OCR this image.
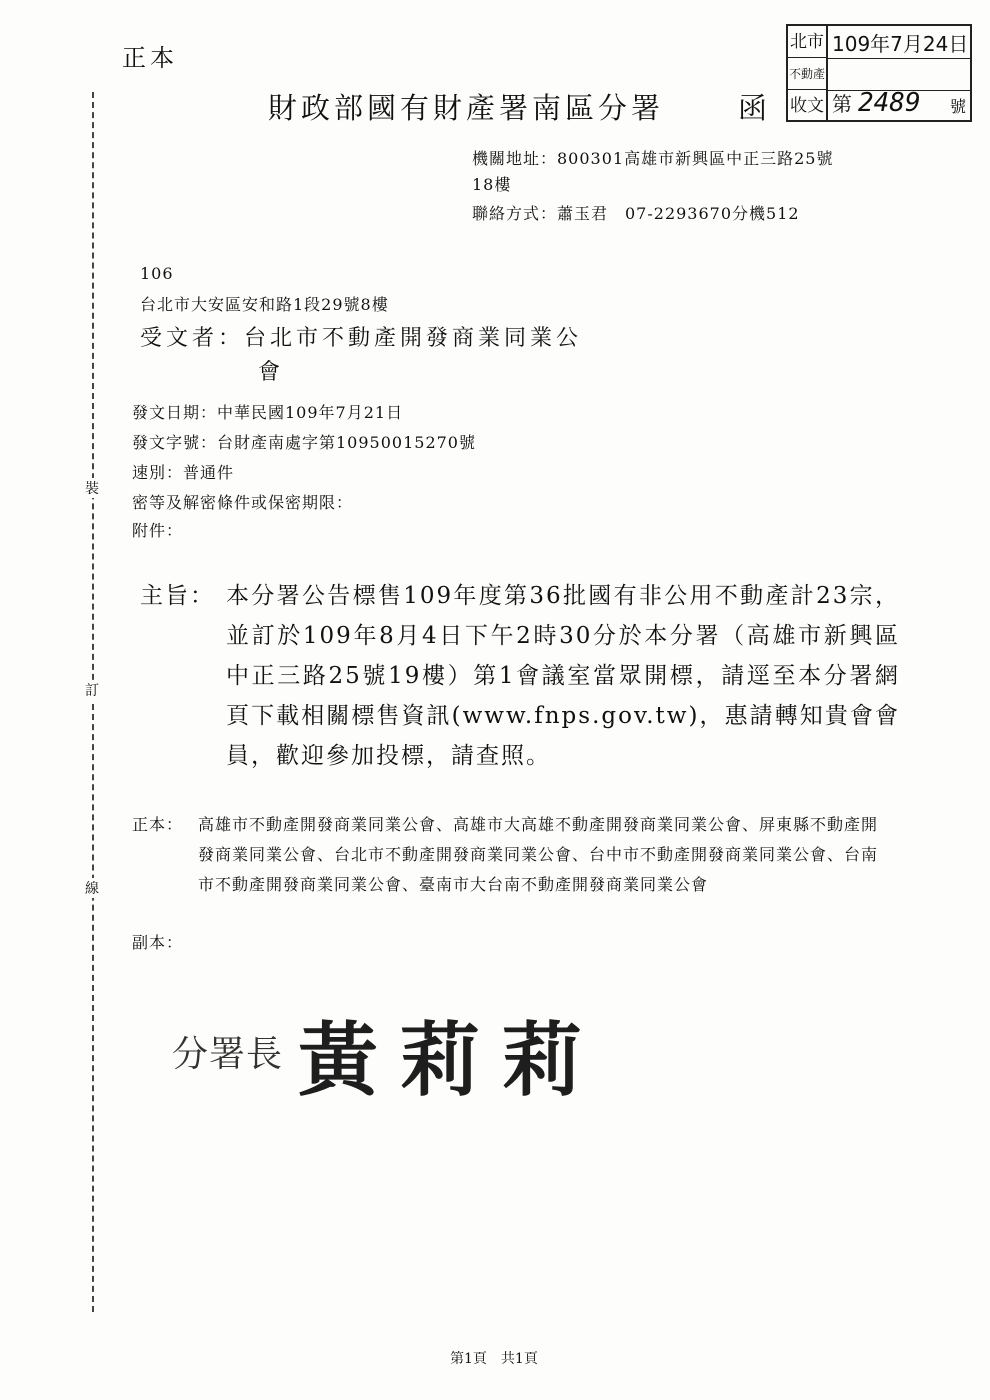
正本
財政部國有財產署南區分署	函
北市
不動產
收文
109年7月24日
第 2489 號
裝
訂
線
機關地址：800301高雄市新興區中正三路25號
18樓
聯絡方式：蕭玉君　07-2293670分機512
106
台北市大安區安和路1段29號8樓
受文者：台北市不動產開發商業同業公
會
發文日期：中華民國109年7月21日
發文字號：台財產南處字第10950015270號
速別：普通件
密等及解密條件或保密期限：
附件：
主旨： 本分署公告標售109年度第36批國有非公用不動產計23宗，並訂於109年8月4日下午2時30分於本分署（高雄市新興區中正三路25號19樓）第1會議室當眾開標，請逕至本分署網頁下載相關標售資訊(www.fnps.gov.tw)，惠請轉知貴會會員，歡迎參加投標，請查照。
正本： 高雄市不動產開發商業同業公會、高雄市大高雄不動產開發商業同業公會、屏東縣不動產開發商業同業公會、台北市不動產開發商業同業公會、台中市不動產開發商業同業公會、台南市不動產開發商業同業公會、臺南市大台南不動產開發商業同業公會
副本：
分署長 黃莉莉
第1頁　共1頁
